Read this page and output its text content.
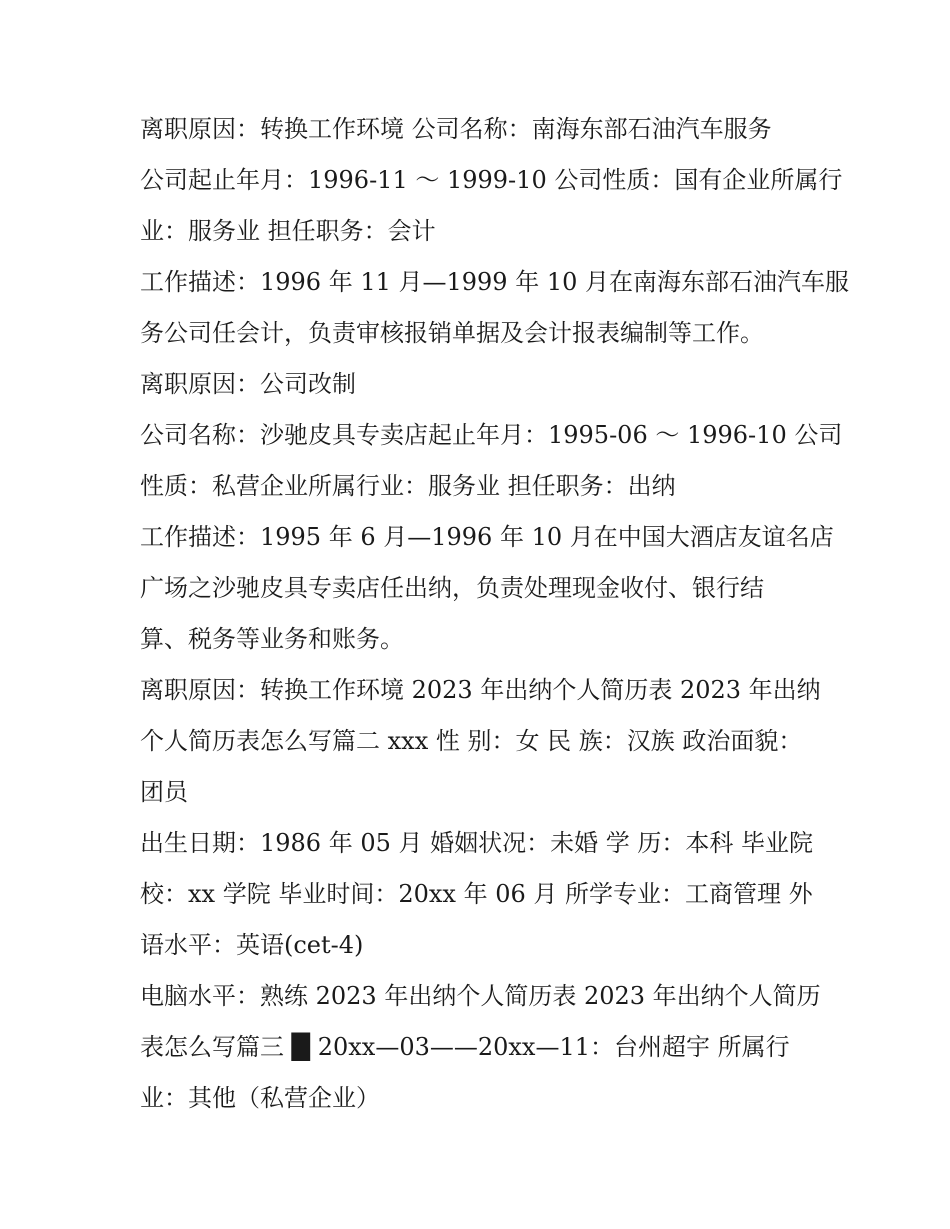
离职原因：转换工作环境 公司名称：南海东部石油汽车服务
公司起止年月：1996-11 ～ 1999-10 公司性质：国有企业所属行
业：服务业 担任职务：会计
工作描述：1996 年 11 月—1999 年 10 月在南海东部石油汽车服
务公司任会计，负责审核报销单据及会计报表编制等工作。
离职原因：公司改制
公司名称：沙驰皮具专卖店起止年月：1995-06 ～ 1996-10 公司
性质：私营企业所属行业：服务业 担任职务：出纳
工作描述：1995 年 6 月—1996 年 10 月在中国大酒店友谊名店
广场之沙驰皮具专卖店任出纳，负责处理现金收付、银行结
算、税务等业务和账务。
离职原因：转换工作环境 2023 年出纳个人简历表 2023 年出纳
个人简历表怎么写篇二 xxx 性 别：女 民 族：汉族 政治面貌：
团员
出生日期：1986 年 05 月 婚姻状况：未婚 学 历：本科 毕业院
校：xx 学院 毕业时间：20xx 年 06 月 所学专业：工商管理 外
语水平：英语(cet-4)
电脑水平：熟练 2023 年出纳个人简历表 2023 年出纳个人简历
表怎么写篇三 █ 20xx—03——20xx—11：台州超宇 所属行
业：其他（私营企业）
